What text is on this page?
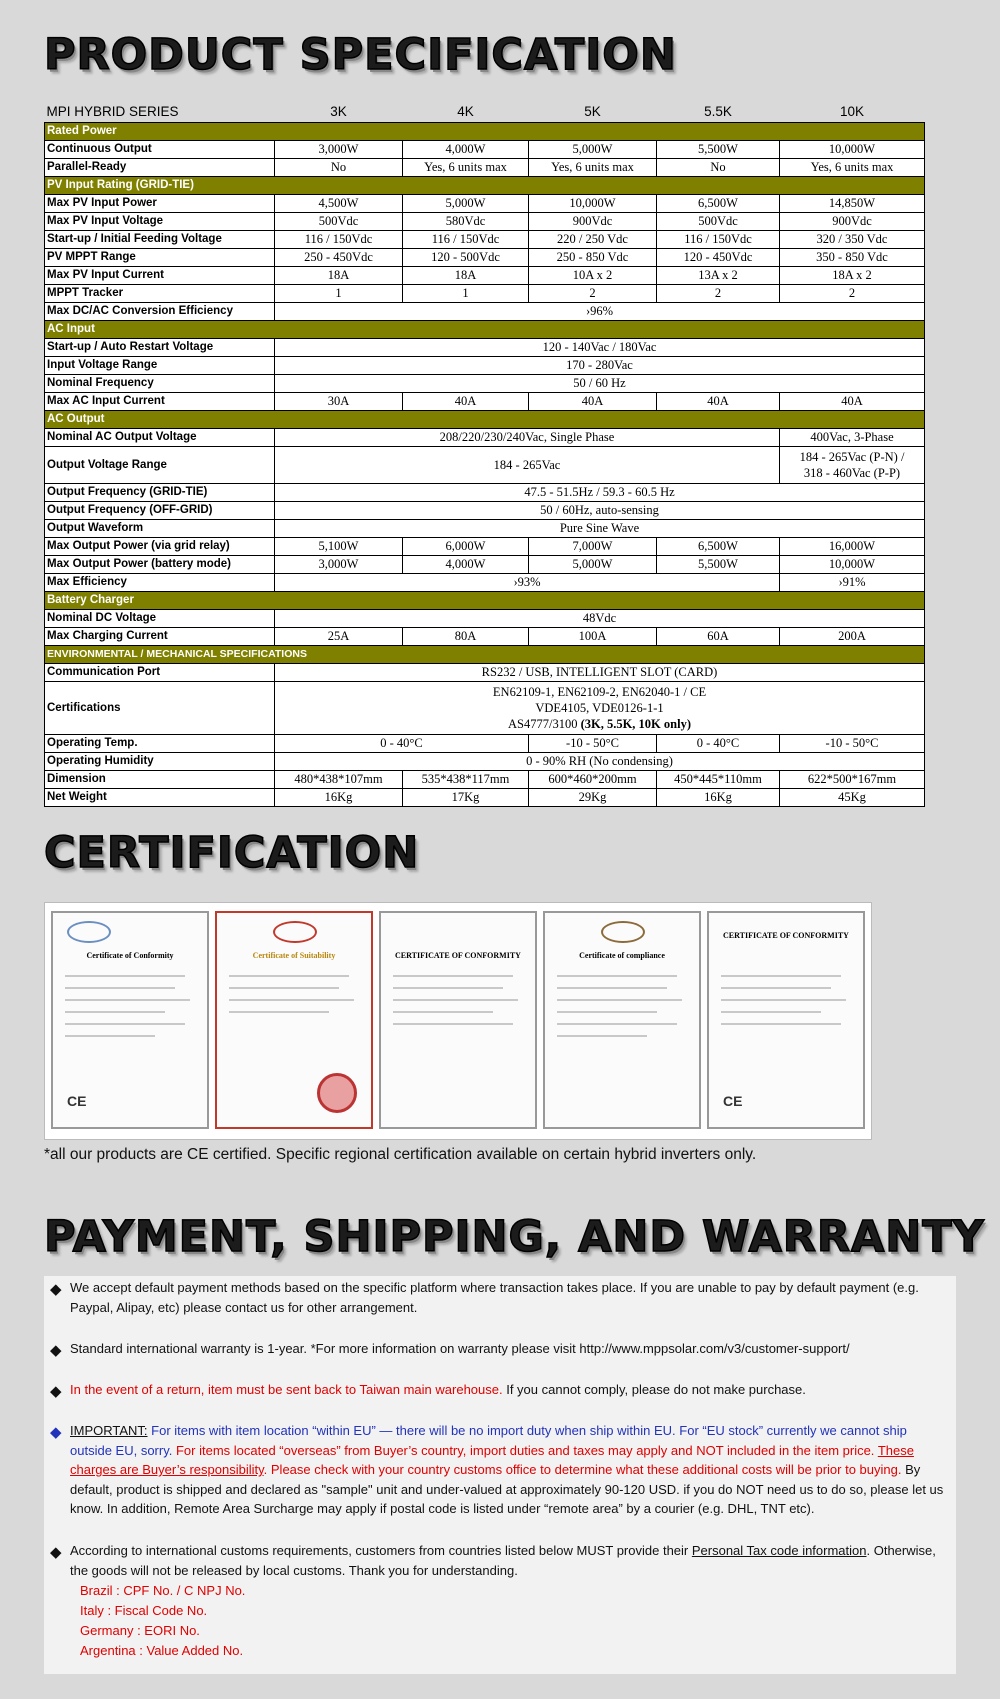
PRODUCT SPECIFICATION
MPI HYBRID SERIES	3K	4K	5K	5.5K	10K
Rated Power					
Continuous Output	3,000W	4,000W	5,000W	5,500W	10,000W
Parallel-Ready	No	Yes, 6 units max	Yes, 6 units max	No	Yes, 6 units max
PV Input Rating (GRID-TIE)					
Max PV Input Power	4,500W	5,000W	10,000W	6,500W	14,850W
Max PV Input Voltage	500Vdc	580Vdc	900Vdc	500Vdc	900Vdc
Start-up / Initial Feeding Voltage	116 / 150Vdc	116 / 150Vdc	220 / 250 Vdc	116 / 150Vdc	320 / 350 Vdc
PV MPPT Range	250 - 450Vdc	120 - 500Vdc	250 - 850 Vdc	120 - 450Vdc	350 - 850 Vdc
Max PV Input Current	18A	18A	10A x 2	13A x 2	18A x 2
MPPT Tracker	1	1	2	2	2
Max DC/AC Conversion Efficiency	›96%				
AC Input					
Start-up / Auto Restart Voltage	120 - 140Vac / 180Vac				
Input Voltage Range	170 - 280Vac				
Nominal Frequency	50 / 60 Hz				
Max AC Input Current	30A	40A	40A	40A	40A
AC Output					
Nominal AC Output Voltage	208/220/230/240Vac, Single Phase				400Vac, 3-Phase
Output Voltage Range	184 - 265Vac				184 - 265Vac (P-N) /
318 - 460Vac (P-P)
Output Frequency (GRID-TIE)	47.5 - 51.5Hz / 59.3 - 60.5 Hz				
Output Frequency (OFF-GRID)	50 / 60Hz, auto-sensing				
Output Waveform	Pure Sine Wave				
Max Output Power (via grid relay)	5,100W	6,000W	7,000W	6,500W	16,000W
Max Output Power (battery mode)	3,000W	4,000W	5,000W	5,500W	10,000W
Max Efficiency	›93%				›91%
Battery Charger					
Nominal DC Voltage	48Vdc				
Max Charging Current	25A	80A	100A	60A	200A
ENVIRONMENTAL / MECHANICAL SPECIFICATIONS					
Communication Port	RS232 / USB, INTELLIGENT SLOT (CARD)				
Certifications	EN62109-1, EN62109-2, EN62040-1 / CE
VDE4105, VDE0126-1-1
AS4777/3100 (3K, 5.5K, 10K only)				
Operating Temp.	0 - 40°C		-10 - 50°C	0 - 40°C	-10 - 50°C
Operating Humidity	0 - 90% RH (No condensing)				
Dimension	480*438*107mm	535*438*117mm	600*460*200mm	450*445*110mm	622*500*167mm
Net Weight	16Kg	17Kg	29Kg	16Kg	45Kg
CERTIFICATION
Certificate of Conformity
CE
Certificate of Suitability	CERTIFICATE OF CONFORMITY	Certificate of compliance
CERTIFICATE OF CONFORMITY
CE
*all our products are CE certified. Specific regional certification available on certain hybrid inverters only.
PAYMENT, SHIPPING, AND WARRANTY
◆ We accept default payment methods based on the specific platform where transaction takes place. If you are unable to pay by default payment (e.g. Paypal, Alipay, etc) please contact us for other arrangement.
◆ Standard international warranty is 1-year. *For more information on warranty please visit http://www.mppsolar.com/v3/customer-support/
◆ In the event of a return, item must be sent back to Taiwan main warehouse. If you cannot comply, please do not make purchase.
◆ IMPORTANT: For items with item location “within EU” — there will be no import duty when ship within EU. For “EU stock” currently we cannot ship outside EU, sorry. For items located “overseas” from Buyer’s country, import duties and taxes may apply and NOT included in the item price. These charges are Buyer’s responsibility. Please check with your country customs office to determine what these additional costs will be prior to buying. By default, product is shipped and declared as "sample" unit and under-valued at approximately 90-120 USD. if you do NOT need us to do so, please let us know. In addition, Remote Area Surcharge may apply if postal code is listed under “remote area” by a courier (e.g. DHL, TNT etc).
◆ According to international customs requirements, customers from countries listed below MUST provide their Personal Tax code information. Otherwise, the goods will not be released by local customs. Thank you for understanding.
Brazil : CPF No. / C NPJ No.
Italy : Fiscal Code No.
Germany : EORI No.
Argentina : Value Added No.
